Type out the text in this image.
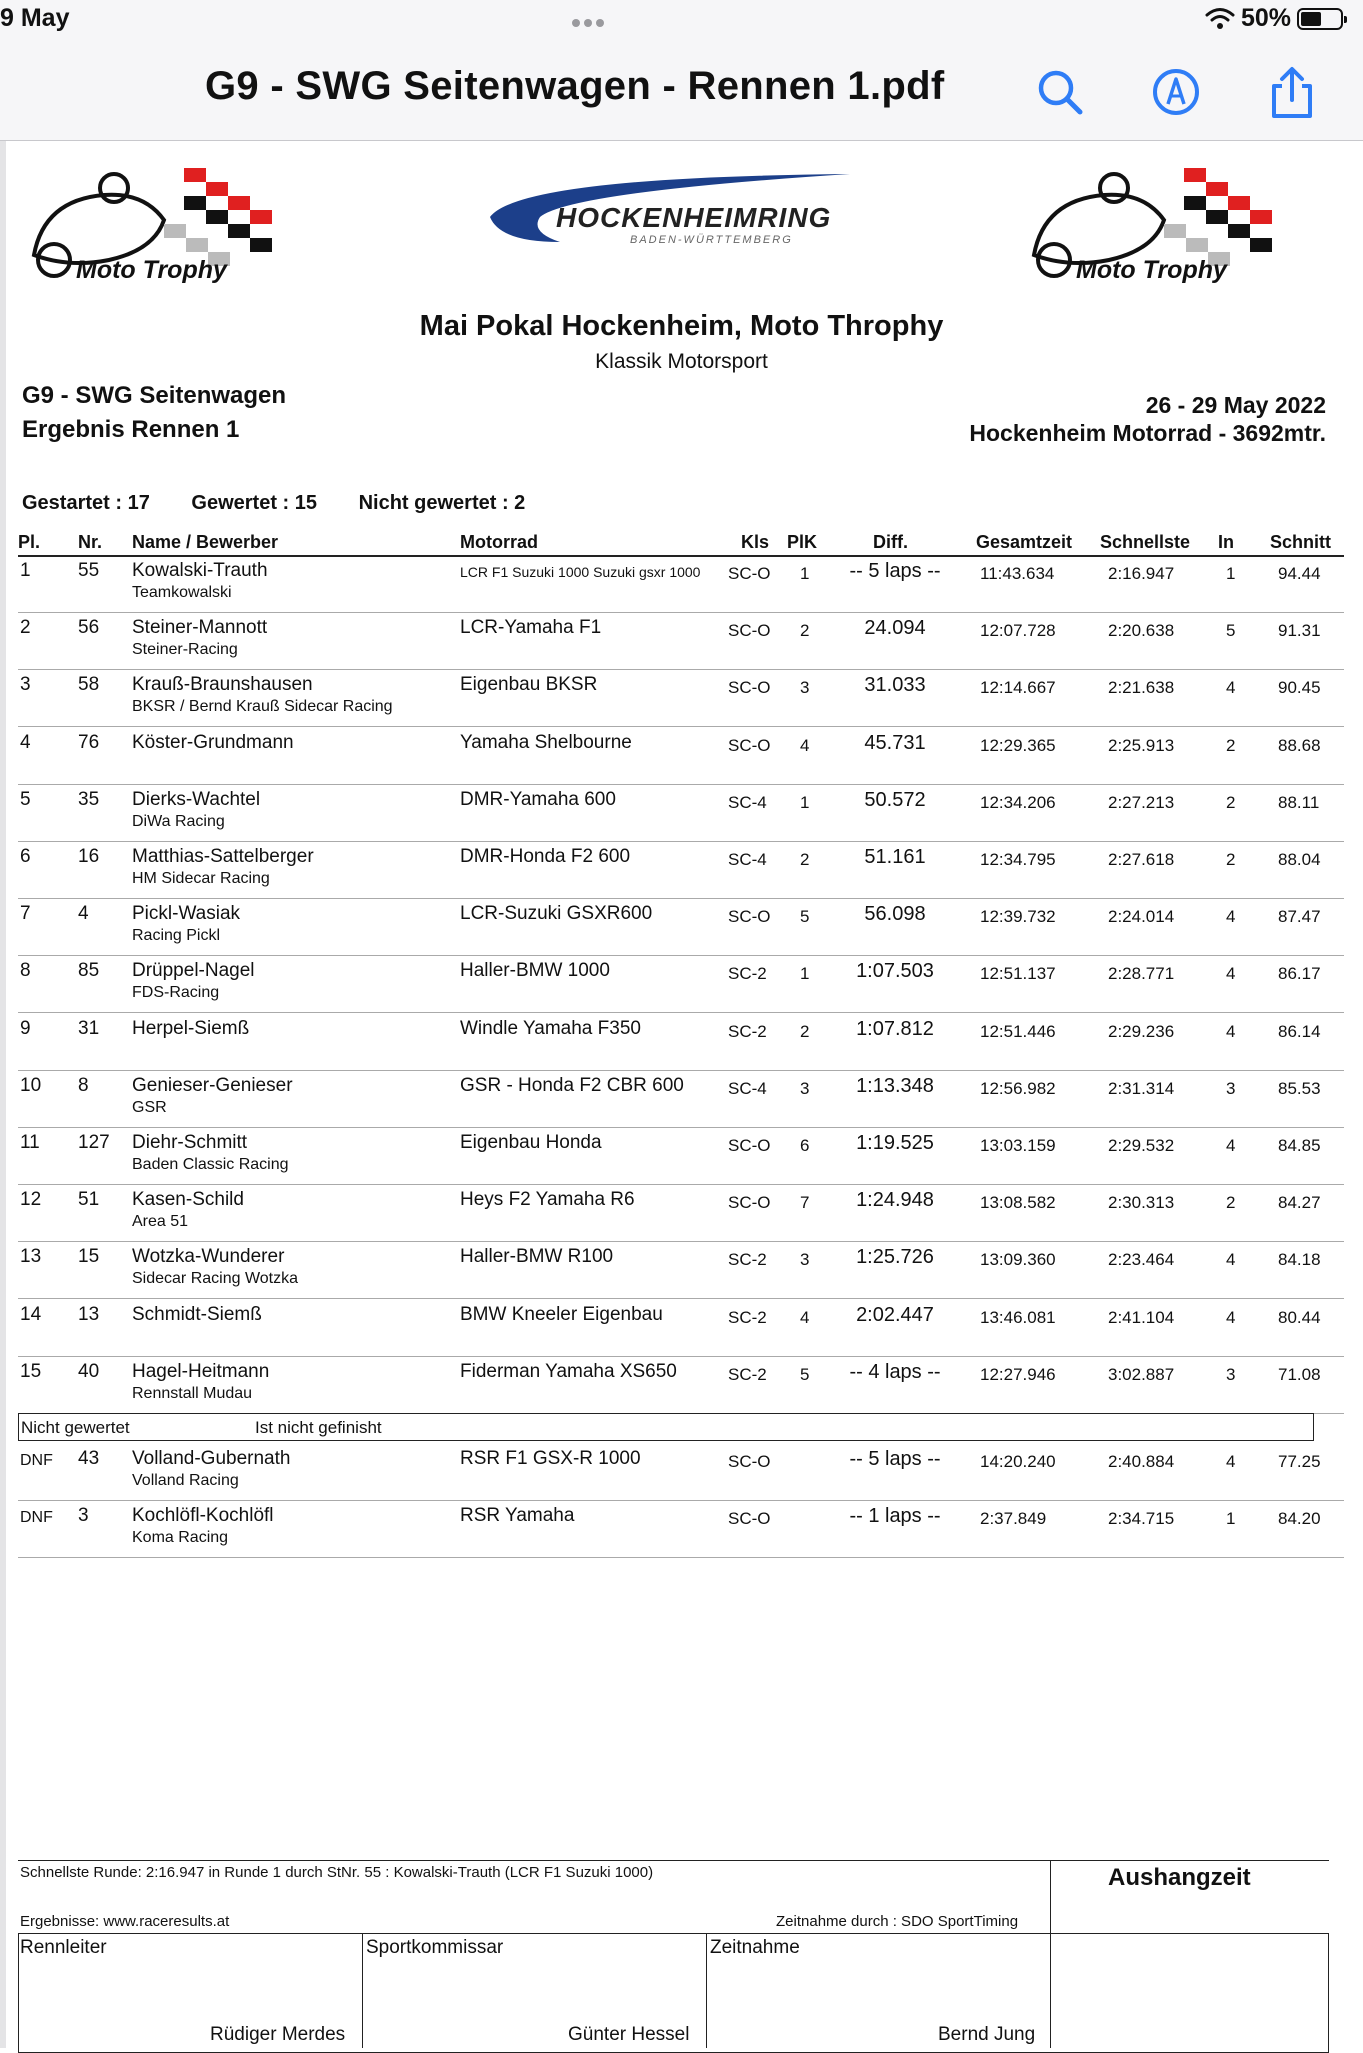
9 May	50%
G9 - SWG Seitenwagen - Rennen 1.pdf
Moto Trophy	Moto Trophy
HOCKENHEIMRING
BADEN-WÜRTTEMBERG
Mai Pokal Hockenheim, Moto Throphy
Klassik Motorsport
G9 - SWG Seitenwagen
Ergebnis Rennen 1
26 - 29 May 2022
Hockenheim Motorrad - 3692mtr.
Gestartet : 17 Gewertet : 15 Nicht gewertet : 2
Pl. Nr. Name / Bewerber	Motorrad	Kls PlK	Diff.	Gesamtzeit Schnellste In Schnitt
1 55 Kowalski-Trauth	LCR F1 Suzuki 1000 Suzuki gsxr 1000 SC-O 1	-- 5 laps --	11:43.634	2:16.947	1	94.44
Teamkowalski
2 56 Steiner-Mannott	LCR-Yamaha F1	SC-O 2	24.094	12:07.728	2:20.638	5	91.31
Steiner-Racing
3 58 Krauß-Braunshausen	Eigenbau BKSR	SC-O 3	31.033	12:14.667	2:21.638	4	90.45
BKSR / Bernd Krauß Sidecar Racing
4 76 Köster-Grundmann	Yamaha Shelbourne	SC-O 4	45.731	12:29.365	2:25.913	2	88.68
5 35 Dierks-Wachtel	DMR-Yamaha 600	SC-4 1	50.572	12:34.206	2:27.213	2	88.11
DiWa Racing
6 16 Matthias-Sattelberger	DMR-Honda F2 600	SC-4 2	51.161	12:34.795	2:27.618	2	88.04
HM Sidecar Racing
7 4 Pickl-Wasiak	LCR-Suzuki GSXR600	SC-O 5	56.098	12:39.732	2:24.014	4	87.47
Racing Pickl
8 85 Drüppel-Nagel	Haller-BMW 1000	SC-2 1	1:07.503	12:51.137	2:28.771	4	86.17
FDS-Racing
9 31 Herpel-Siemß	Windle Yamaha F350	SC-2 2	1:07.812	12:51.446	2:29.236	4	86.14
10 8 Genieser-Genieser	GSR - Honda F2 CBR 600	SC-4 3	1:13.348	12:56.982	2:31.314	3	85.53
GSR
11 127 Diehr-Schmitt	Eigenbau Honda	SC-O 6	1:19.525	13:03.159	2:29.532	4	84.85
Baden Classic Racing
12 51 Kasen-Schild	Heys F2 Yamaha R6	SC-O 7	1:24.948	13:08.582	2:30.313	2	84.27
Area 51
13 15 Wotzka-Wunderer	Haller-BMW R100	SC-2 3	1:25.726	13:09.360	2:23.464	4	84.18
Sidecar Racing Wotzka
14 13 Schmidt-Siemß	BMW Kneeler Eigenbau	SC-2 4	2:02.447	13:46.081	2:41.104	4	80.44
15 40 Hagel-Heitmann	Fiderman Yamaha XS650	SC-2 5	-- 4 laps --	12:27.946	3:02.887	3	71.08
Rennstall Mudau
Nicht gewertet	Ist nicht gefinisht
DNF 43 Volland-Gubernath	RSR F1 GSX-R 1000	SC-O	-- 5 laps --	14:20.240	2:40.884	4	77.25
Volland Racing
DNF 3 Kochlöfl-Kochlöfl	RSR Yamaha	SC-O	-- 1 laps --	2:37.849	2:34.715	1	84.20
Koma Racing
Schnellste Runde: 2:16.947 in Runde 1 durch StNr. 55 : Kowalski-Trauth (LCR F1 Suzuki 1000)
Ergebnisse: www.raceresults.at	Zeitnahme durch : SDO SportTiming
Aushangzeit
Rennleiter	Sportkommissar	Zeitnahme
Rüdiger Merdes	Günter Hessel	Bernd Jung
